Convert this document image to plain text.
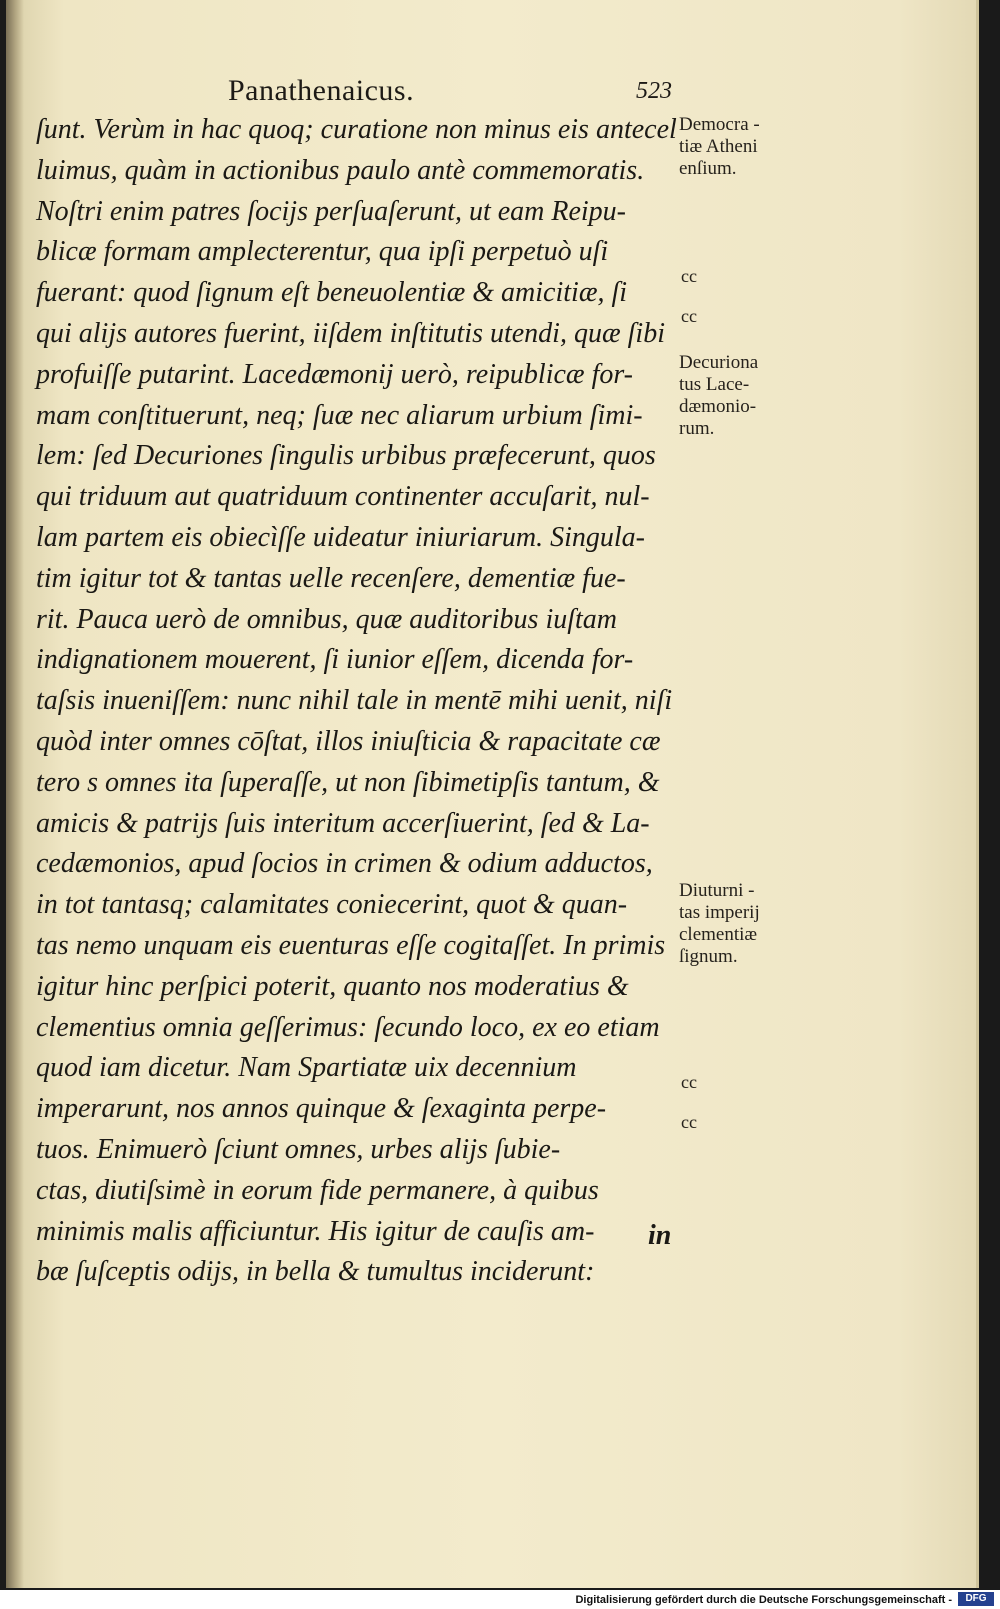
Panathenaicus.	523
ſunt. Verùm in hac quoq; curatione non minus eis antecel
luimus, quàm in actionibus paulo antè commemoratis.
Noſtri enim patres ſocijs perſuaſerunt, ut eam Reipu-
blicæ formam amplecterentur, qua ipſi perpetuò uſi
fuerant: quod ſignum eſt beneuolentiæ & amicitiæ, ſi
qui alijs autores fuerint, iiſdem inſtitutis utendi, quæ ſibi
profuiſſe putarint. Lacedæmonij uerò, reipublicæ for-
mam conſtituerunt, neq; ſuæ nec aliarum urbium ſimi-
lem: ſed Decuriones ſingulis urbibus præfecerunt, quos
qui triduum aut quatriduum continenter accuſarit, nul-
lam partem eis obiecìſſe uideatur iniuriarum. Singula-
tim igitur tot & tantas uelle recenſere, dementiæ fue-
rit. Pauca uerò de omnibus, quæ auditoribus iuſtam
indignationem mouerent, ſi iunior eſſem, dicenda for-
taſsis inueniſſem: nunc nihil tale in mentē mihi uenit, niſi
quòd inter omnes cōſtat, illos iniuſticia & rapacitate cæ
tero s omnes ita ſuperaſſe, ut non ſibimetipſis tantum, &
amicis & patrijs ſuis interitum accerſiuerint, ſed & La-
cedæmonios, apud ſocios in crimen & odium adductos,
in tot tantasq; calamitates coniecerint, quot & quan-
tas nemo unquam eis euenturas eſſe cogitaſſet. In primis
igitur hinc perſpici poterit, quanto nos moderatius &
clementius omnia geſſerimus: ſecundo loco, ex eo etiam
quod iam dicetur. Nam Spartiatæ uix decennium
imperarunt, nos annos quinque & ſexaginta perpe-
tuos. Enimuerò ſciunt omnes, urbes alijs ſubie-
ctas, diutiſsimè in eorum fide permanere, à quibus
minimis malis afficiuntur. His igitur de cauſis am-
bæ ſuſceptis odijs, in bella & tumultus inciderunt:
in
Democra -
tiæ Atheni
enſium.
cc
cc
Decuriona
tus Lace-
dæmonio-
rum.
Diuturni -
tas imperij
clementiæ
ſignum.
cc
cc
Digitalisierung gefördert durch die Deutsche Forschungsgemeinschaft -	DFG
